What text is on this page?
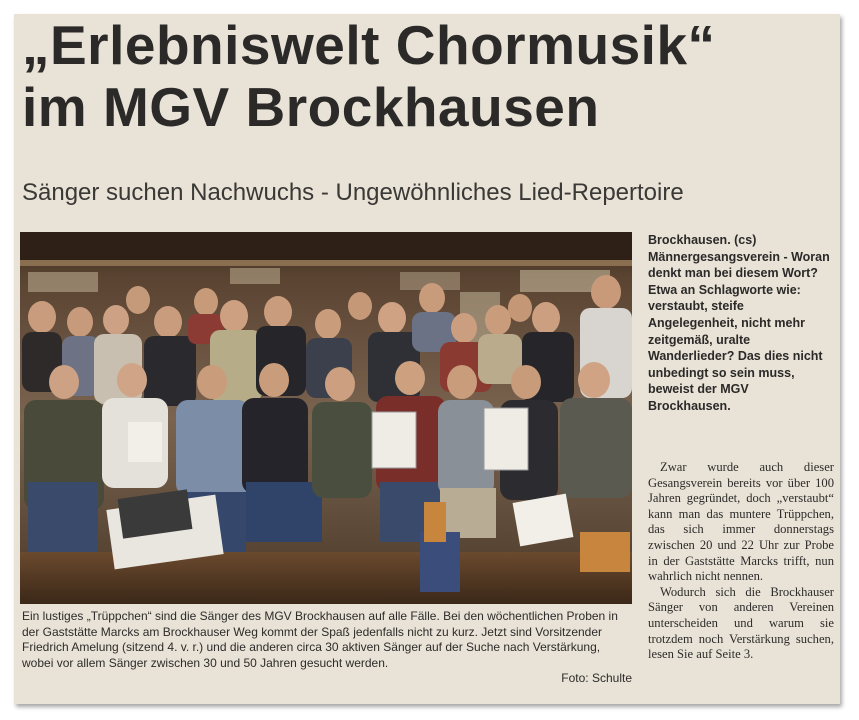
„Erlebniswelt Chormusik“
im MGV Brockhausen
Sänger suchen Nachwuchs - Ungewöhnliches Lied-Repertoire

Ein lustiges „Trüppchen“ sind die Sänger des MGV Brockhausen auf alle Fälle. Bei den wöchentlichen Proben in der Gaststätte Marcks am Brockhauser Weg kommt der Spaß jedenfalls nicht zu kurz. Jetzt sind Vorsitzender Friedrich Amelung (sitzend 4. v. r.) und die anderen circa 30 aktiven Sänger auf der Suche nach Verstärkung, wobei vor allem Sänger zwischen 30 und 50 Jahren gesucht werden.

Foto: Schulte

Brockhausen. (cs) Männergesangsverein - Woran denkt man bei diesem Wort? Etwa an Schlagworte wie: verstaubt, steife Angelegenheit, nicht mehr zeitgemäß, uralte Wanderlieder? Das dies nicht unbedingt so sein muss, beweist der MGV Brockhausen.

Zwar wurde auch dieser Gesangsverein bereits vor über 100 Jahren gegründet, doch „verstaubt“ kann man das muntere Trüppchen, das sich immer donnerstags zwischen 20 und 22 Uhr zur Probe in der Gaststätte Marcks trifft, nun wahrlich nicht nennen.

Wodurch sich die Brockhauser Sänger von anderen Vereinen unterscheiden und warum sie trotzdem noch Verstärkung suchen, lesen Sie auf Seite 3.
